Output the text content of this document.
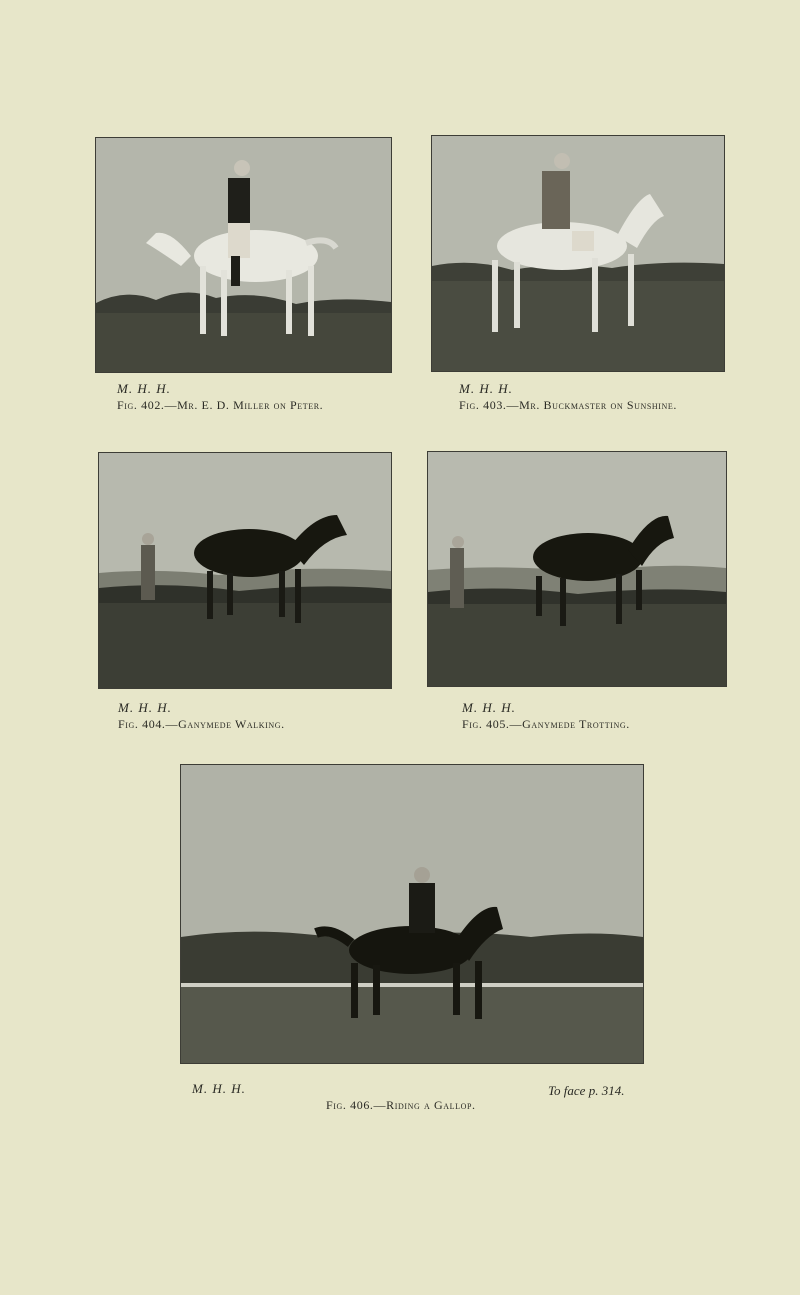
M. H. H.
Fig. 402.—Mr. E. D. Miller on Peter.
M. H. H.
Fig. 403.—Mr. Buckmaster on Sunshine.
M. H. H.
Fig. 404.—Ganymede Walking.
M. H. H.
Fig. 405.—Ganymede Trotting.
M. H. H.
Fig. 406.—Riding a Gallop.
To face p. 314.
